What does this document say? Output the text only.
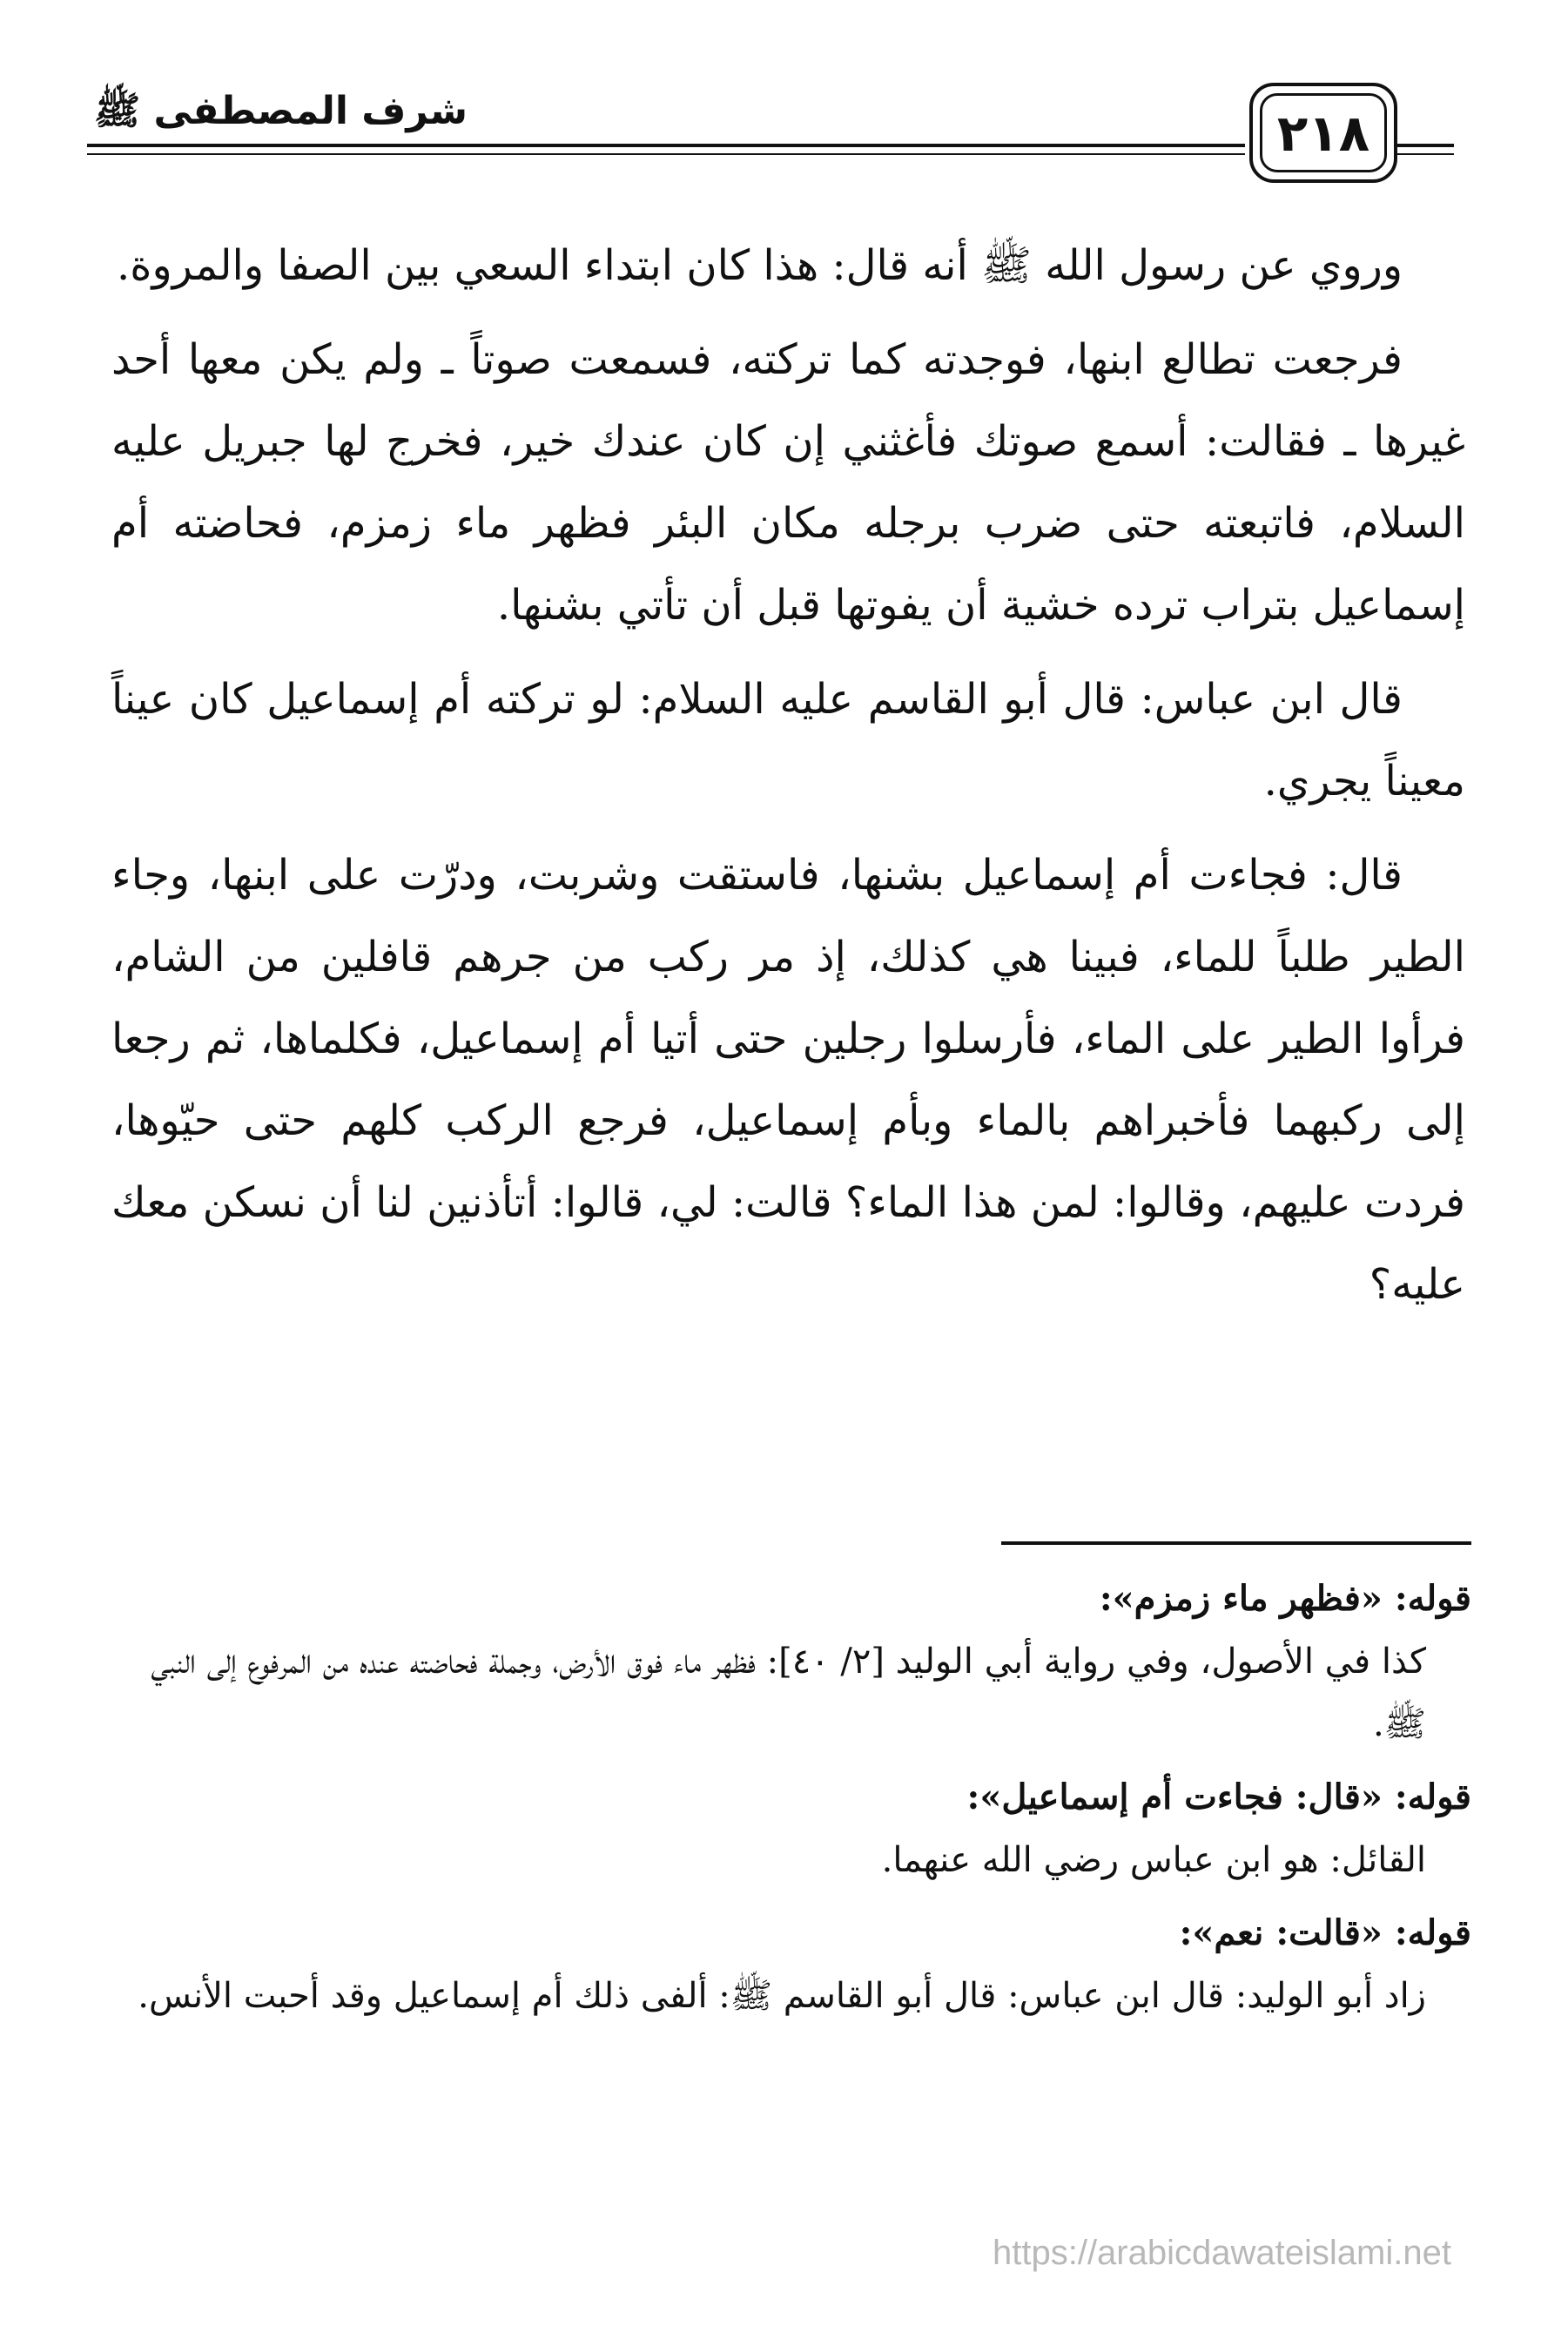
شرف المصطفى ﷺ	٢١٨

وروي عن رسول الله ﷺ أنه قال: هذا كان ابتداء السعي بين الصفا والمروة.

فرجعت تطالع ابنها، فوجدته كما تركته، فسمعت صوتاً ـ ولم يكن معها أحد غيرها ـ فقالت: أسمع صوتك فأغثني إن كان عندك خير، فخرج لها جبريل عليه السلام، فاتبعته حتى ضرب برجله مكان البئر فظهر ماء زمزم، فحاضته أم إسماعيل بتراب ترده خشية أن يفوتها قبل أن تأتي بشنها.

قال ابن عباس: قال أبو القاسم عليه السلام: لو تركته أم إسماعيل كان عيناً معيناً يجري.

قال: فجاءت أم إسماعيل بشنها، فاستقت وشربت، ودرّت على ابنها، وجاء الطير طلباً للماء، فبينا هي كذلك، إذ مر ركب من جرهم قافلين من الشام، فرأوا الطير على الماء، فأرسلوا رجلين حتى أتيا أم إسماعيل، فكلماها، ثم رجعا إلى ركبهما فأخبراهم بالماء وبأم إسماعيل، فرجع الركب كلهم حتى حيّوها، فردت عليهم، وقالوا: لمن هذا الماء؟ قالت: لي، قالوا: أتأذنين لنا أن نسكن معك عليه؟

قوله: «فظهر ماء زمزم»:

كذا في الأصول، وفي رواية أبي الوليد [٢/ ٤٠]: فظهر ماء فوق الأرض، وجملة فحاضته عنده من المرفوع إلى النبي ﷺ.

قوله: «قال: فجاءت أم إسماعيل»:

القائل: هو ابن عباس رضي الله عنهما.

قوله: «قالت: نعم»:

زاد أبو الوليد: قال ابن عباس: قال أبو القاسم ﷺ: ألفى ذلك أم إسماعيل وقد أحبت الأنس.

https://arabicdawateislami.net
